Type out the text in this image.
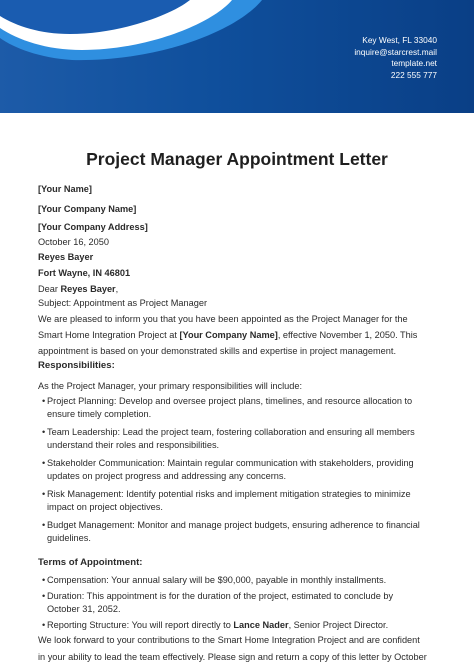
Key West, FL 33040
inquire@starcrest.mail
template.net
222 555 777
Project Manager Appointment Letter
[Your Name]
[Your Company Name]
[Your Company Address]
October 16, 2050
Reyes Bayer
Fort Wayne, IN 46801
Dear Reyes Bayer,
Subject: Appointment as Project Manager
We are pleased to inform you that you have been appointed as the Project Manager for the
Smart Home Integration Project at [Your Company Name], effective November 1, 2050. This
appointment is based on your demonstrated skills and expertise in project management.
Responsibilities:
As the Project Manager, your primary responsibilities will include:
• Project Planning: Develop and oversee project plans, timelines, and resource allocation to
ensure timely completion.
• Team Leadership: Lead the project team, fostering collaboration and ensuring all members
understand their roles and responsibilities.
• Stakeholder Communication: Maintain regular communication with stakeholders, providing
updates on project progress and addressing any concerns.
• Risk Management: Identify potential risks and implement mitigation strategies to minimize
impact on project objectives.
• Budget Management: Monitor and manage project budgets, ensuring adherence to financial
guidelines.
Terms of Appointment:
• Compensation: Your annual salary will be $90,000, payable in monthly installments.
• Duration: This appointment is for the duration of the project, estimated to conclude by
October 31, 2052.
• Reporting Structure: You will report directly to Lance Nader, Senior Project Director.
We look forward to your contributions to the Smart Home Integration Project and are confident
in your ability to lead the team effectively. Please sign and return a copy of this letter by October
